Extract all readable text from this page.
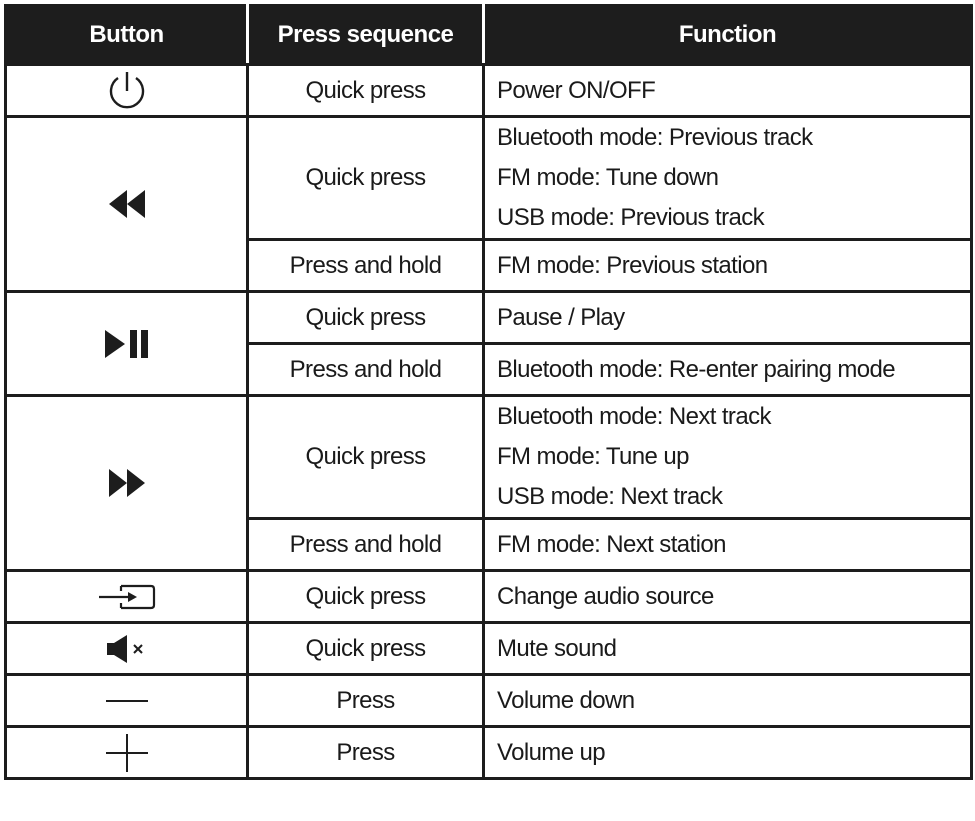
Button	Press sequence	Function
	Quick press	Power ON/OFF

	Quick press	Bluetooth mode: Previous track
FM mode: Tune down
USB mode: Previous track

	Press and hold	FM mode: Previous station

	Quick press	Pause / Play

	Press and hold	Bluetooth mode: Re-enter pairing mode

	Quick press	Bluetooth mode: Next track
FM mode: Tune up
USB mode: Next track

	Press and hold	FM mode: Next station

	Quick press	Change audio source

	Quick press	Mute sound

	Press	Volume down

	Press	Volume up
